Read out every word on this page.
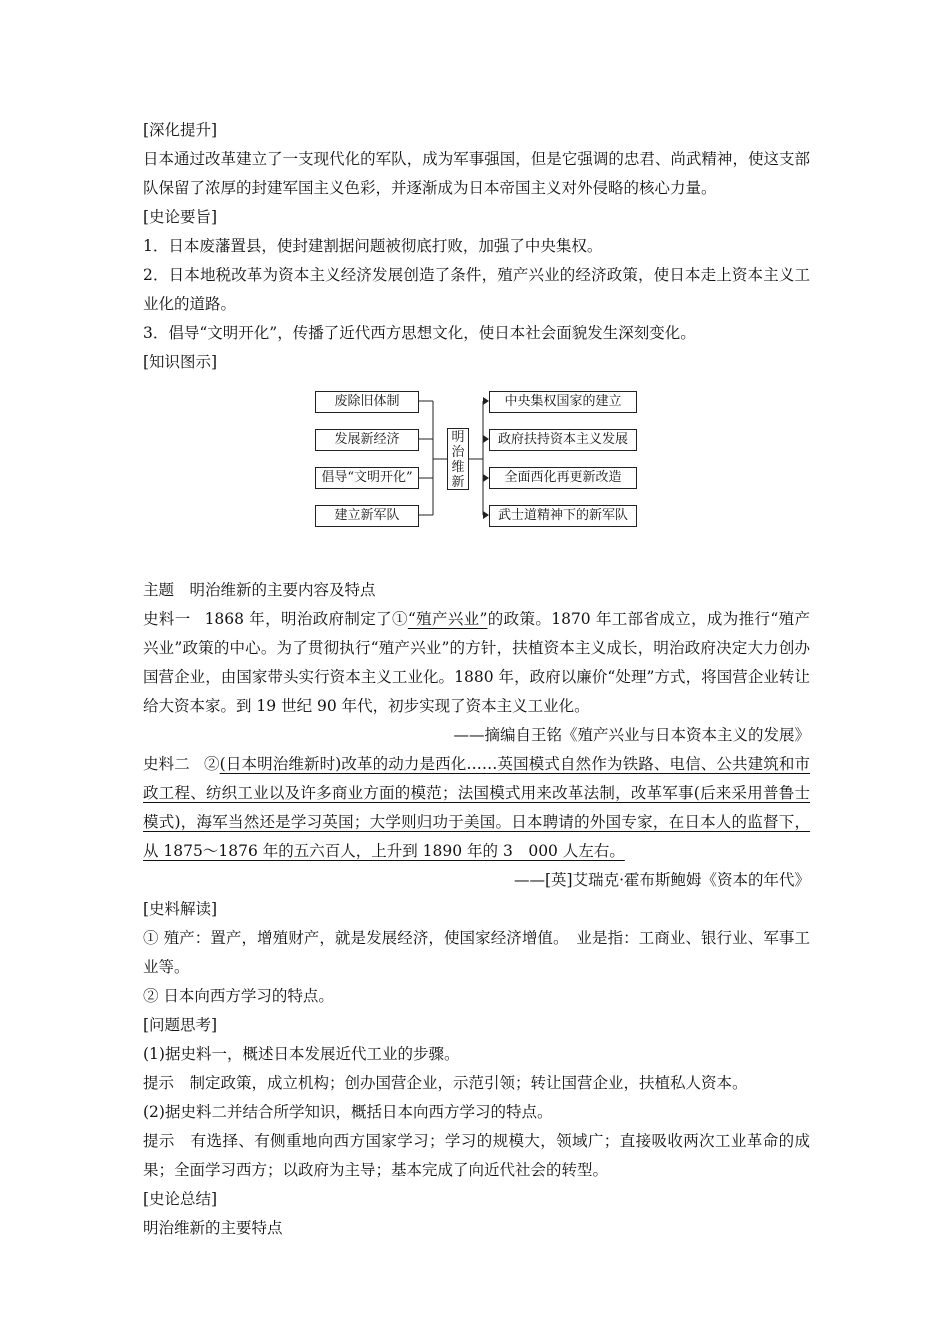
[深化提升]
日本通过改革建立了一支现代化的军队，成为军事强国，但是它强调的忠君、尚武精神，使这支部队保留了浓厚的封建军国主义色彩，并逐渐成为日本帝国主义对外侵略的核心力量。
[史论要旨]
1．日本废藩置县，使封建割据问题被彻底打败，加强了中央集权。
2．日本地税改革为资本主义经济发展创造了条件，殖产兴业的经济政策，使日本走上资本主义工业化的道路。
3．倡导“文明开化”，传播了近代西方思想文化，使日本社会面貌发生深刻变化。
[知识图示]
废除旧体制
发展新经济
倡导“文明开化”
建立新军队
明治维新
中央集权国家的建立
政府扶持资本主义发展
全面西化再更新改造
武士道精神下的新军队
主题　明治维新的主要内容及特点
史料一 1868 年，明治政府制定了①“殖产兴业”的政策。1870 年工部省成立，成为推行“殖产兴业”政策的中心。为了贯彻执行“殖产兴业”的方针，扶植资本主义成长，明治政府决定大力创办国营企业，由国家带头实行资本主义工业化。1880 年，政府以廉价“处理”方式，将国营企业转让给大资本家。到 19 世纪 90 年代，初步实现了资本主义工业化。
——摘编自王铭《殖产兴业与日本资本主义的发展》
史料二 ②(日本明治维新时)改革的动力是西化……英国模式自然作为铁路、电信、公共建筑和市政工程、纺织工业以及许多商业方面的模范；法国模式用来改革法制，改革军事(后来采用普鲁士模式)，海军当然还是学习英国；大学则归功于美国。日本聘请的外国专家，在日本人的监督下，从 1875～1876 年的五六百人，上升到 1890 年的 3　000 人左右。
——[英]艾瑞克·霍布斯鲍姆《资本的年代》
[史料解读]
① 殖产：置产，增殖财产，就是发展经济，使国家经济增值。　业是指：工商业、银行业、军事工业等。
② 日本向西方学习的特点。
[问题思考]
(1)据史料一，概述日本发展近代工业的步骤。
提示　制定政策，成立机构；创办国营企业，示范引领；转让国营企业，扶植私人资本。
(2)据史料二并结合所学知识，概括日本向西方学习的特点。
提示　有选择、有侧重地向西方国家学习；学习的规模大，领域广；直接吸收两次工业革命的成果；全面学习西方；以政府为主导；基本完成了向近代社会的转型。
[史论总结]
明治维新的主要特点
